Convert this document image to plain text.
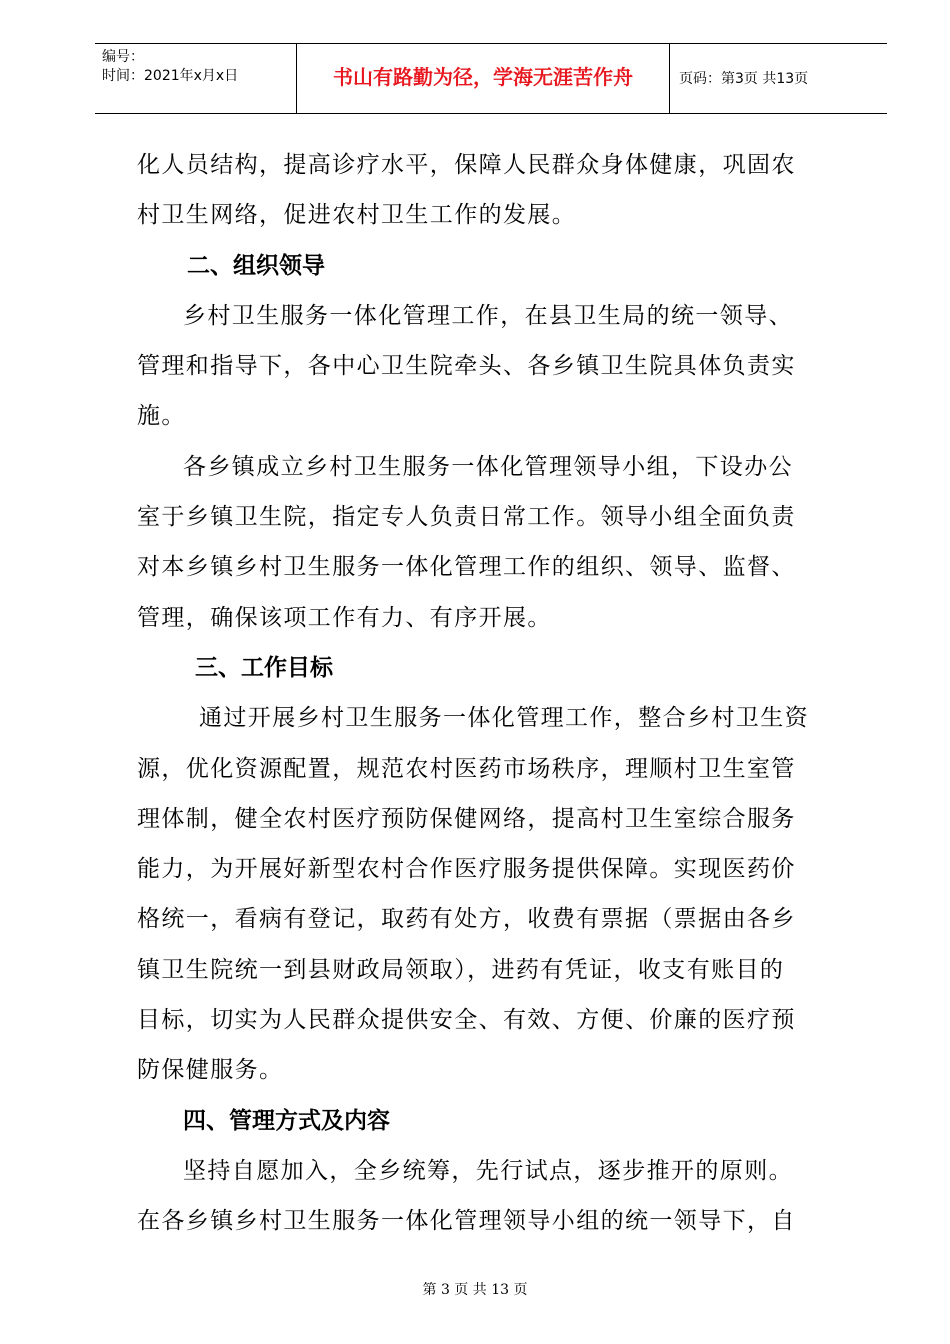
编号：
时间：2021年x月x日	书山有路勤为径，学海无涯苦作舟	页码：第3页 共13页
化人员结构，提高诊疗水平，保障人民群众身体健康，巩固农
村卫生网络，促进农村卫生工作的发展。
二、组织领导
乡村卫生服务一体化管理工作，在县卫生局的统一领导、
管理和指导下，各中心卫生院牵头、各乡镇卫生院具体负责实
施。
各乡镇成立乡村卫生服务一体化管理领导小组，下设办公
室于乡镇卫生院，指定专人负责日常工作。领导小组全面负责
对本乡镇乡村卫生服务一体化管理工作的组织、领导、监督、
管理，确保该项工作有力、有序开展。
三、工作目标
通过开展乡村卫生服务一体化管理工作，整合乡村卫生资
源，优化资源配置，规范农村医药市场秩序，理顺村卫生室管
理体制，健全农村医疗预防保健网络，提高村卫生室综合服务
能力，为开展好新型农村合作医疗服务提供保障。实现医药价
格统一，看病有登记，取药有处方，收费有票据（票据由各乡
镇卫生院统一到县财政局领取），进药有凭证，收支有账目的
目标，切实为人民群众提供安全、有效、方便、价廉的医疗预
防保健服务。
四、管理方式及内容
坚持自愿加入，全乡统筹，先行试点，逐步推开的原则。
在各乡镇乡村卫生服务一体化管理领导小组的统一领导下，自
第 3 页 共 13 页
